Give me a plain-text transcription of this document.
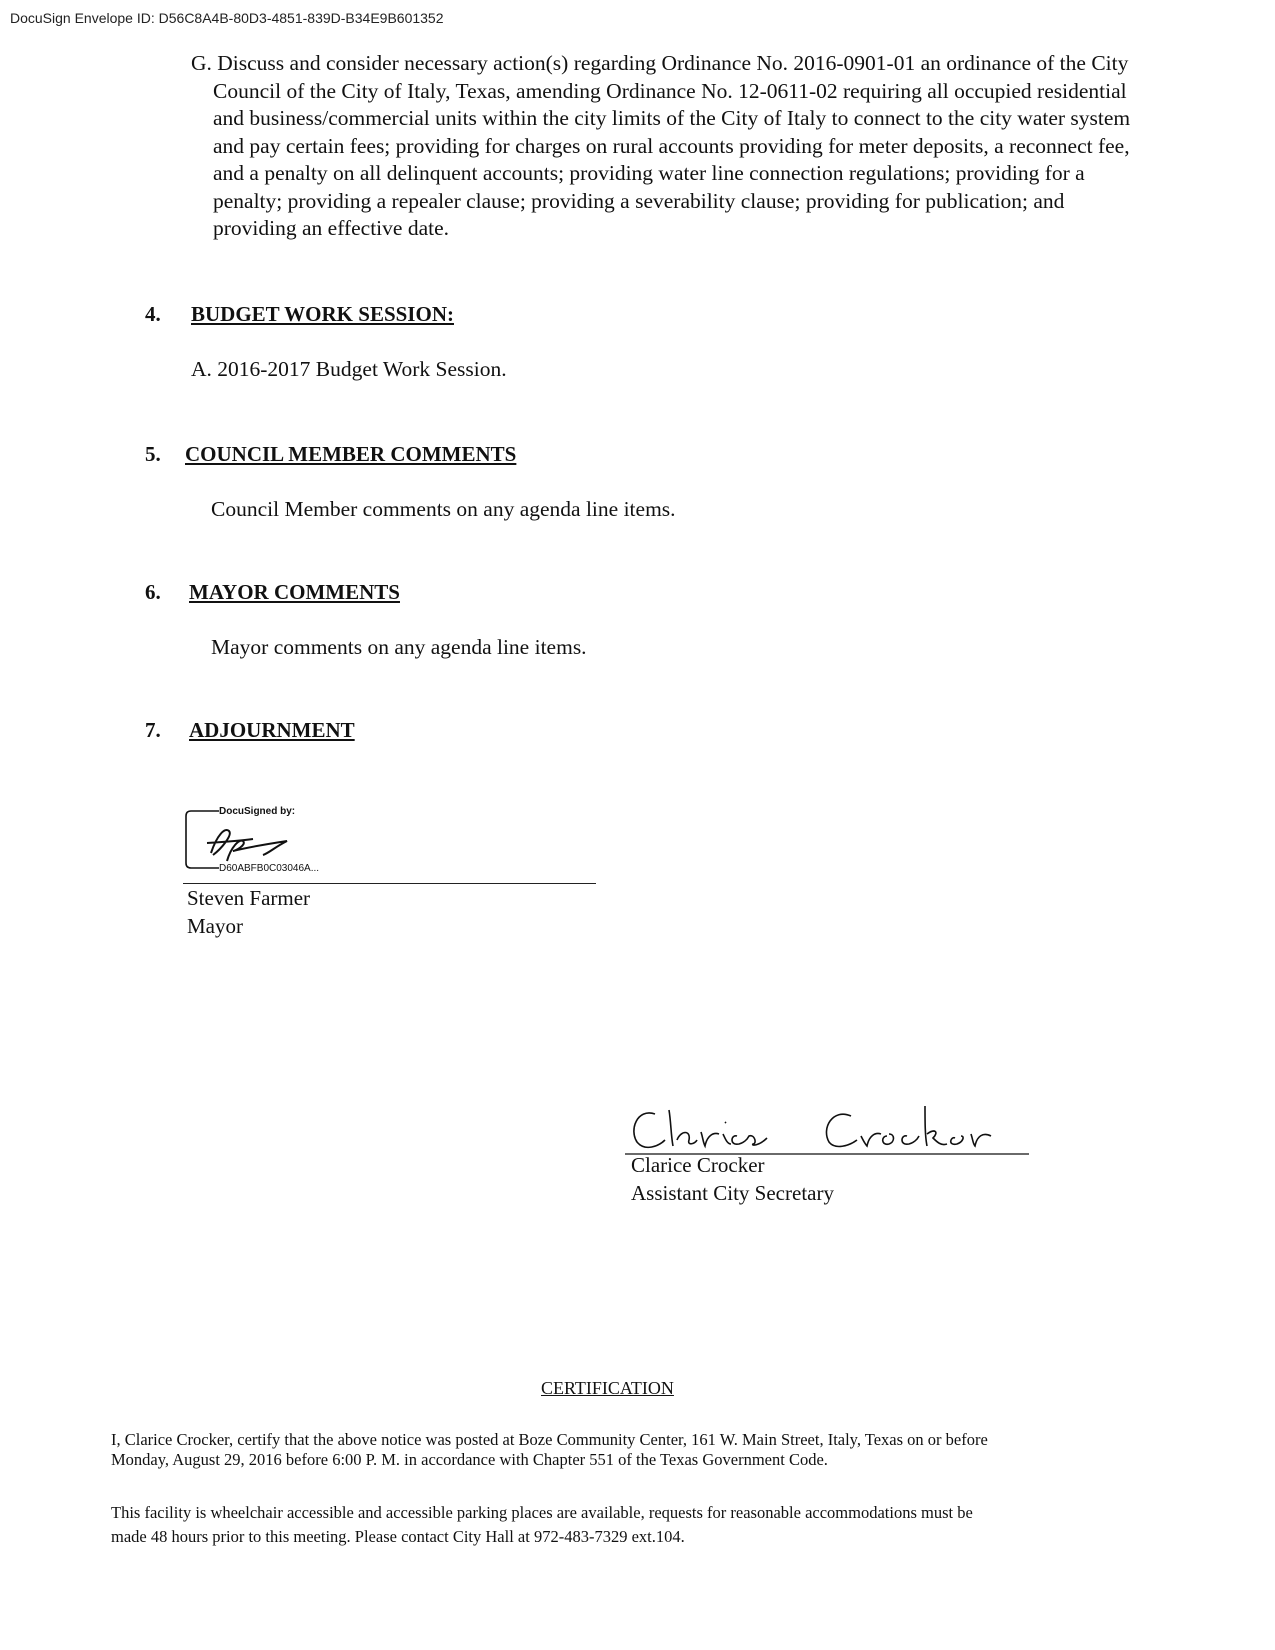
DocuSign Envelope ID: D56C8A4B-80D3-4851-839D-B34E9B601352
G. Discuss and consider necessary action(s) regarding Ordinance No. 2016-0901-01 an ordinance of the City Council of the City of Italy, Texas, amending Ordinance No. 12-0611-02 requiring all occupied residential and business/commercial units within the city limits of the City of Italy to connect to the city water system and pay certain fees; providing for charges on rural accounts providing for meter deposits, a reconnect fee, and a penalty on all delinquent accounts; providing water line connection regulations; providing for a penalty; providing a repealer clause; providing a severability clause; providing for publication; and providing an effective date.
4. BUDGET WORK SESSION:
A. 2016-2017 Budget Work Session.
5. COUNCIL MEMBER COMMENTS
Council Member comments on any agenda line items.
6. MAYOR COMMENTS
Mayor comments on any agenda line items.
7. ADJOURNMENT
DocuSigned by:
D60ABFB0C03046A...
Steven Farmer
Mayor
Clarice Crocker
Assistant City Secretary
CERTIFICATION
I, Clarice Crocker, certify that the above notice was posted at Boze Community Center, 161 W. Main Street, Italy, Texas on or before
Monday, August 29, 2016 before 6:00 P. M. in accordance with Chapter 551 of the Texas Government Code.
This facility is wheelchair accessible and accessible parking places are available, requests for reasonable accommodations must be
made 48 hours prior to this meeting. Please contact City Hall at 972-483-7329 ext.104.
